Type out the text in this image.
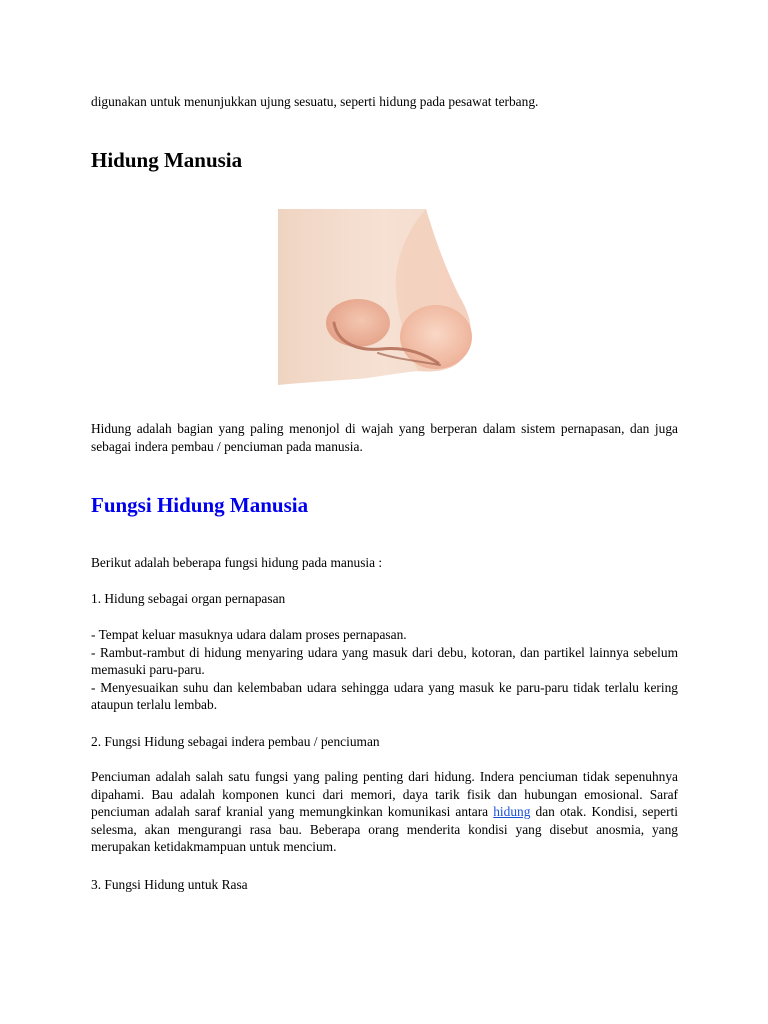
digunakan untuk menunjukkan ujung sesuatu, seperti hidung pada pesawat terbang.

Hidung Manusia

Hidung adalah bagian yang paling menonjol di wajah yang berperan dalam sistem pernapasan, dan juga sebagai indera pembau / penciuman pada manusia.

Fungsi Hidung Manusia

Berikut adalah beberapa fungsi hidung pada manusia :

1. Hidung sebagai organ pernapasan

- Tempat keluar masuknya udara dalam proses pernapasan.
- Rambut-rambut di hidung menyaring udara yang masuk dari debu, kotoran, dan partikel lainnya sebelum memasuki paru-paru.
- Menyesuaikan suhu dan kelembaban udara sehingga udara yang masuk ke paru-paru tidak terlalu kering ataupun terlalu lembab.

2. Fungsi Hidung sebagai indera pembau / penciuman

Penciuman adalah salah satu fungsi yang paling penting dari hidung. Indera penciuman tidak sepenuhnya dipahami. Bau adalah komponen kunci dari memori, daya tarik fisik dan hubungan emosional. Saraf penciuman adalah saraf kranial yang memungkinkan komunikasi antara hidung dan otak. Kondisi, seperti selesma, akan mengurangi rasa bau. Beberapa orang menderita kondisi yang disebut anosmia, yang merupakan ketidakmampuan untuk mencium.

3. Fungsi Hidung untuk Rasa
